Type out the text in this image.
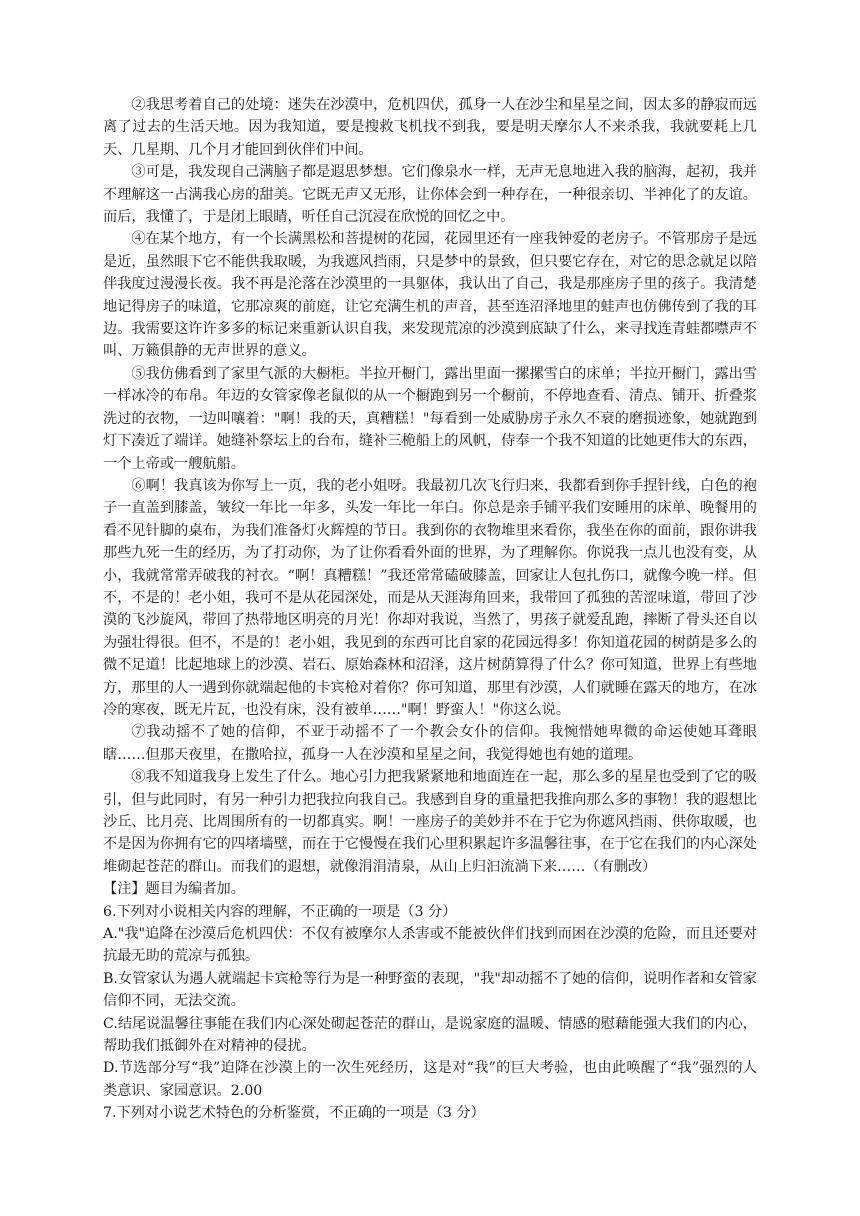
②我思考着自己的处境：迷失在沙漠中，危机四伏，孤身一人在沙尘和星星之间，因太多的静寂而远离了过去的生活天地。因为我知道，要是搜救飞机找不到我，要是明天摩尔人不来杀我，我就要耗上几天、几星期、几个月才能回到伙伴们中间。

③可是，我发现自己满脑子都是遐思梦想。它们像泉水一样，无声无息地进入我的脑海，起初，我并不理解这一占满我心房的甜美。它既无声又无形，让你体会到一种存在，一种很亲切、半神化了的友谊。而后，我懂了，于是闭上眼睛，听任自己沉浸在欣悦的回忆之中。

④在某个地方，有一个长满黑松和菩提树的花园，花园里还有一座我钟爱的老房子。不管那房子是远是近，虽然眼下它不能供我取暖，为我遮风挡雨，只是梦中的景致，但只要它存在，对它的思念就足以陪伴我度过漫漫长夜。我不再是沦落在沙漠里的一具躯体，我认出了自己，我是那座房子里的孩子。我清楚地记得房子的味道，它那凉爽的前庭，让它充满生机的声音，甚至连沼泽地里的蛙声也仿佛传到了我的耳边。我需要这许许多多的标记来重新认识自我，来发现荒凉的沙漠到底缺了什么，来寻找连青蛙都噤声不叫、万籁俱静的无声世界的意义。

⑤我仿佛看到了家里气派的大橱柜。半拉开橱门，露出里面一摞摞雪白的床单；半拉开橱门，露出雪一样冰冷的布帛。年迈的女管家像老鼠似的从一个橱跑到另一个橱前，不停地查看、清点、铺开、折叠浆洗过的衣物，一边叫嚷着："啊！我的天，真糟糕！"每看到一处威胁房子永久不衰的磨损迹象，她就跑到灯下凑近了端详。她缝补祭坛上的台布，缝补三桅船上的风帆，侍奉一个我不知道的比她更伟大的东西，一个上帝或一艘航船。

⑥啊！我真该为你写上一页，我的老小姐呀。我最初几次飞行归来，我都看到你手捏针线，白色的袍子一直盖到膝盖，皱纹一年比一年多，头发一年比一年白。你总是亲手铺平我们安睡用的床单、晚餐用的看不见针脚的桌布，为我们准备灯火辉煌的节日。我到你的衣物堆里来看你，我坐在你的面前，跟你讲我那些九死一生的经历，为了打动你，为了让你看看外面的世界，为了理解你。你说我一点儿也没有变，从小，我就常常弄破我的衬衣。“啊！真糟糕！”我还常常磕破膝盖，回家让人包扎伤口，就像今晚一样。但不，不是的！老小姐，我可不是从花园深处，而是从天涯海角回来，我带回了孤独的苦涩味道，带回了沙漠的飞沙旋风，带回了热带地区明亮的月光！你却对我说，当然了，男孩子就爱乱跑，摔断了骨头还自以为强壮得很。但不，不是的！老小姐，我见到的东西可比自家的花园远得多！你知道花园的树荫是多么的微不足道！比起地球上的沙漠、岩石、原始森林和沼泽，这片树荫算得了什么？你可知道，世界上有些地方，那里的人一遇到你就端起他的卡宾枪对着你？你可知道，那里有沙漠，人们就睡在露天的地方，在冰冷的寒夜，既无片瓦，也没有床，没有被单……"啊！野蛮人！"你这么说。

⑦我动摇不了她的信仰，不亚于动摇不了一个教会女仆的信仰。我惋惜她卑微的命运使她耳聋眼瞎……但那天夜里，在撒哈拉，孤身一人在沙漠和星星之间，我觉得她也有她的道理。

⑧我不知道我身上发生了什么。地心引力把我紧紧地和地面连在一起，那么多的星星也受到了它的吸引，但与此同时，有另一种引力把我拉向我自己。我感到自身的重量把我推向那么多的事物！我的遐想比沙丘、比月亮、比周围所有的一切都真实。啊！一座房子的美妙并不在于它为你遮风挡雨、供你取暖，也不是因为你拥有它的四堵墙壁，而在于它慢慢在我们心里积累起许多温馨往事，在于它在我们的内心深处堆砌起苍茫的群山。而我们的遐想，就像涓涓清泉，从山上归汩流淌下来……（有删改）

【注】题目为编者加。

6.下列对小说相关内容的理解，不正确的一项是（3 分）

A."我"追降在沙漠后危机四伏：不仅有被摩尔人杀害或不能被伙伴们找到而困在沙漠的危险，而且还要对抗最无助的荒凉与孤独。

B.女管家认为遇人就端起卡宾枪等行为是一种野蛮的表现，"我"却动摇不了她的信仰，说明作者和女管家信仰不同，无法交流。

C.结尾说温馨往事能在我们内心深处砌起苍茫的群山，是说家庭的温暖、情感的慰藉能强大我们的内心，帮助我们抵御外在对精神的侵扰。

D.节选部分写“我”迫降在沙漠上的一次生死经历，这是对“我”的巨大考验，也由此唤醒了“我”强烈的人类意识、家园意识。2.00

7.下列对小说艺术特色的分析鉴赏，不正确的一项是（3 分）
